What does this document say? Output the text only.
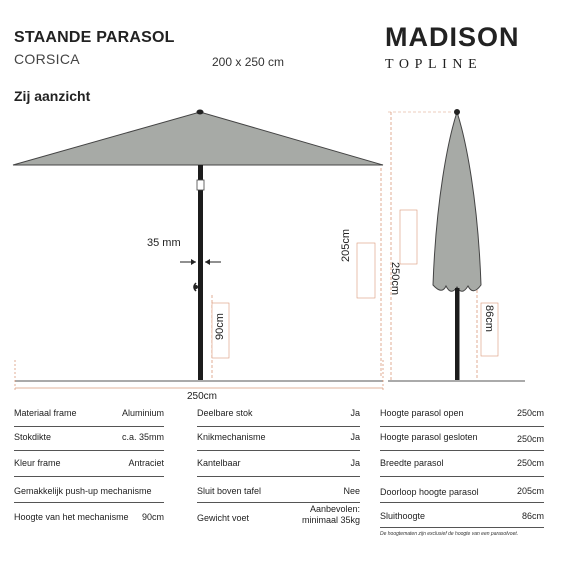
STAANDE PARASOL
CORSICA	200 x 250 cm
MADISON
TOPLINE
Zij aanzicht
35 mm	205cm
90cm
250cm
86cm
250cm
Materiaal frame	Aluminium
Stokdikte	c.a. 35mm
Kleur frame	Antraciet
Gemakkelijk push-up mechanisme
Hoogte van het mechanisme 90cm
Deelbare stok	Ja
Knikmechanisme	Ja
Kantelbaar	Ja
Sluit boven tafel	Nee
Gewicht voet
Aanbevolen:
minimaal 35kg
Hoogte parasol open	250cm
Hoogte parasol gesloten	250cm
Breedte parasol	250cm
Doorloop hoogte parasol	205cm
Sluithoogte	86cm
De hoogtematen zijn exclusief de hoogte van een parasolvoet.
